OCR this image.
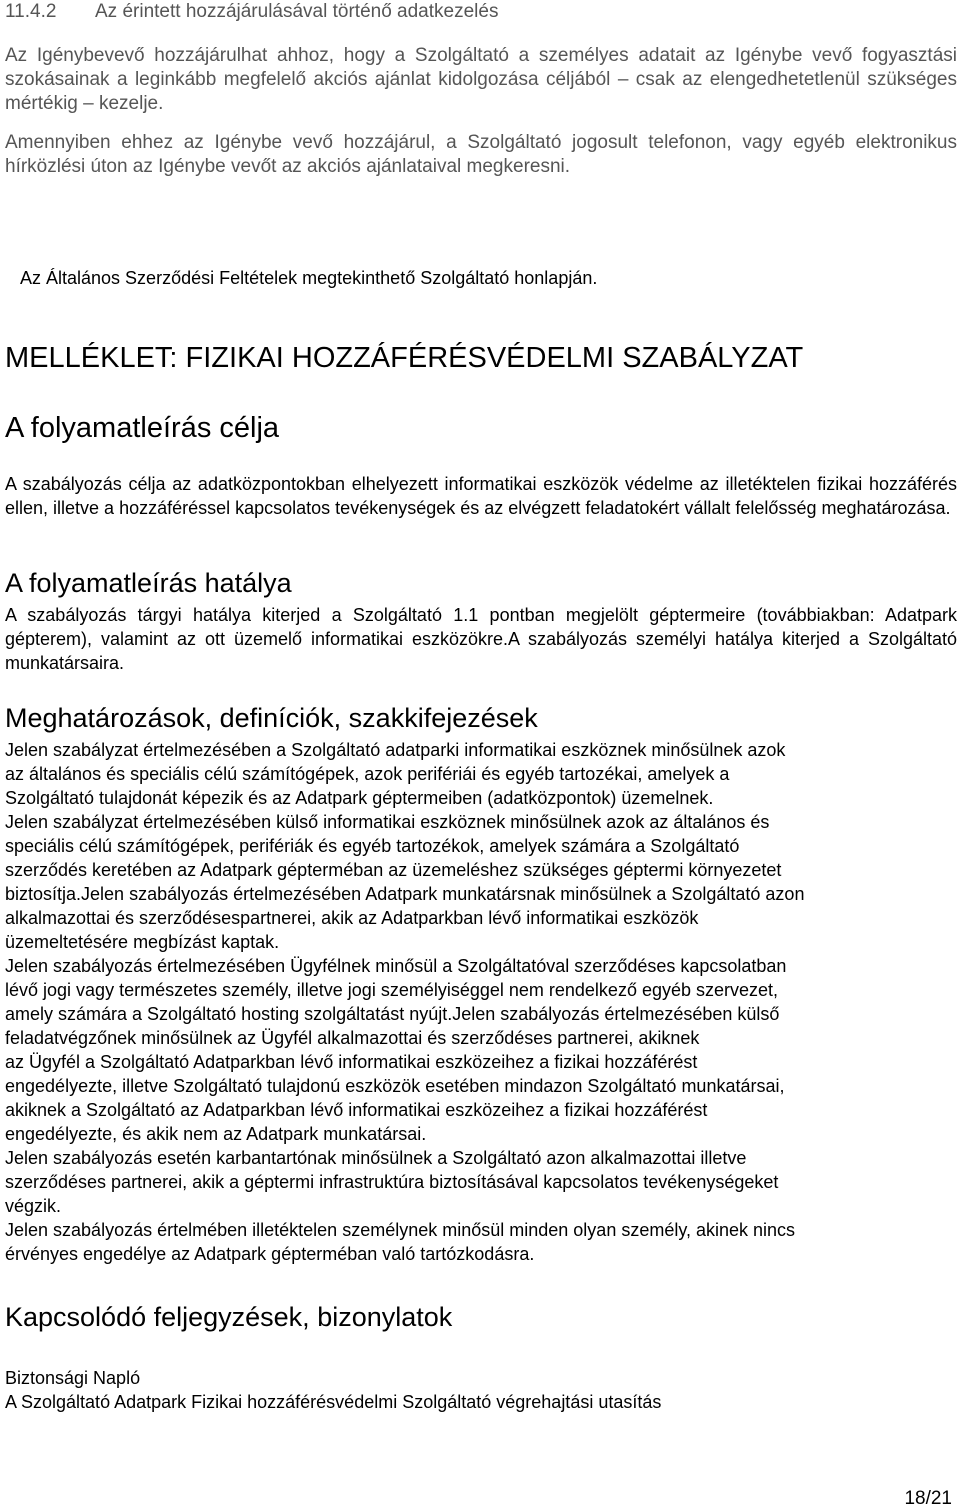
11.4.2 Az érintett hozzájárulásával történő adatkezelés

Az Igénybevevő hozzájárulhat ahhoz, hogy a Szolgáltató a személyes adatait az Igénybe vevő fogyasztási szokásainak a leginkább megfelelő akciós ajánlat kidolgozása céljából – csak az elengedhetetlenül szükséges mértékig – kezelje.

Amennyiben ehhez az Igénybe vevő hozzájárul, a Szolgáltató jogosult telefonon, vagy egyéb elektronikus hírközlési úton az Igénybe vevőt az akciós ajánlataival megkeresni.

Az Általános Szerződési Feltételek megtekinthető Szolgáltató honlapján.

MELLÉKLET: FIZIKAI HOZZÁFÉRÉSVÉDELMI SZABÁLYZAT
A folyamatleírás célja

A szabályozás célja az adatközpontokban elhelyezett informatikai eszközök védelme az illetéktelen fizikai hozzáférés ellen, illetve a hozzáféréssel kapcsolatos tevékenységek és az elvégzett feladatokért vállalt felelősség meghatározása.

A folyamatleírás hatálya

A szabályozás tárgyi hatálya kiterjed a Szolgáltató 1.1 pontban megjelölt géptermeire (továbbiakban: Adatpark gépterem), valamint az ott üzemelő informatikai eszközökre.A szabályozás személyi hatálya kiterjed a Szolgáltató munkatársaira.

Meghatározások, definíciók, szakkifejezések
Jelen szabályzat értelmezésében a Szolgáltató adatparki informatikai eszköznek minősülnek azok
az általános és speciális célú számítógépek, azok perifériái és egyéb tartozékai, amelyek a
Szolgáltató tulajdonát képezik és az Adatpark géptermeiben (adatközpontok) üzemelnek.
Jelen szabályzat értelmezésében külső informatikai eszköznek minősülnek azok az általános és
speciális célú számítógépek, perifériák és egyéb tartozékok, amelyek számára a Szolgáltató
szerződés keretében az Adatpark gépterméban az üzemeléshez szükséges géptermi környezetet
biztosítja.Jelen szabályozás értelmezésében Adatpark munkatársnak minősülnek a Szolgáltató azon
alkalmazottai és szerződésespartnerei, akik az Adatparkban lévő informatikai eszközök
üzemeltetésére megbízást kaptak.
Jelen szabályozás értelmezésében Ügyfélnek minősül a Szolgáltatóval szerződéses kapcsolatban
lévő jogi vagy természetes személy, illetve jogi személyiséggel nem rendelkező egyéb szervezet,
amely számára a Szolgáltató hosting szolgáltatást nyújt.Jelen szabályozás értelmezésében külső
feladatvégzőnek minősülnek az Ügyfél alkalmazottai és szerződéses partnerei, akiknek
az Ügyfél a Szolgáltató Adatparkban lévő informatikai eszközeihez a fizikai hozzáférést
engedélyezte, illetve Szolgáltató tulajdonú eszközök esetében mindazon Szolgáltató munkatársai,
akiknek a Szolgáltató az Adatparkban lévő informatikai eszközeihez a fizikai hozzáférést
engedélyezte, és akik nem az Adatpark munkatársai.
Jelen szabályozás esetén karbantartónak minősülnek a Szolgáltató azon alkalmazottai illetve
szerződéses partnerei, akik a géptermi infrastruktúra biztosításával kapcsolatos tevékenységeket
végzik.
Jelen szabályozás értelmében illetéktelen személynek minősül minden olyan személy, akinek nincs
érvényes engedélye az Adatpark gépterméban való tartózkodásra.
Kapcsolódó feljegyzések, bizonylatok
Biztonsági Napló
A Szolgáltató Adatpark Fizikai hozzáférésvédelmi Szolgáltató végrehajtási utasítás
18/21
